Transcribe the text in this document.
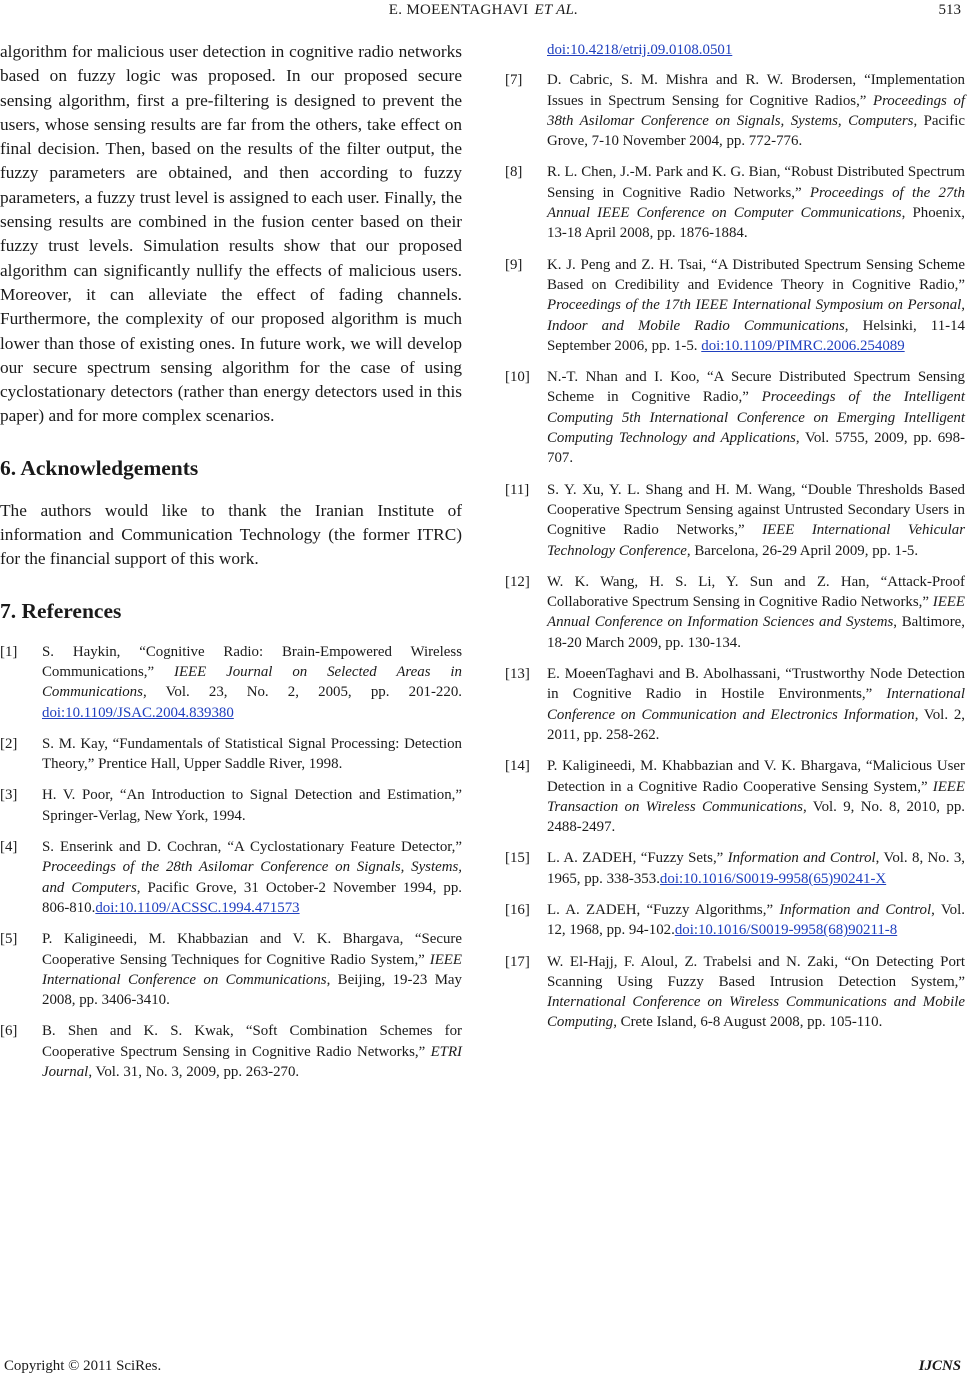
E. MOEENTAGHAVI ET AL.	513

algorithm for malicious user detection in cognitive radio networks based on fuzzy logic was proposed. In our proposed secure sensing algorithm, first a pre-filtering is designed to prevent the users, whose sensing results are far from the others, take effect on final decision. Then, based on the results of the filter output, the fuzzy parameters are obtained, and then according to fuzzy parameters, a fuzzy trust level is assigned to each user. Finally, the sensing results are combined in the fusion center based on their fuzzy trust levels. Simulation results show that our proposed algorithm can significantly nullify the effects of malicious users. Moreover, it can alleviate the effect of fading channels. Furthermore, the complexity of our proposed algorithm is much lower than those of existing ones. In future work, we will develop our secure spectrum sensing algorithm for the case of using cyclostationary detectors (rather than energy detectors used in this paper) and for more complex scenarios.

6. Acknowledgements

The authors would like to thank the Iranian Institute of information and Communication Technology (the former ITRC) for the financial support of this work.

7. References
[1] S. Haykin, “Cognitive Radio: Brain-Empowered Wireless Communications,” IEEE Journal on Selected Areas in Communications, Vol. 23, No. 2, 2005, pp. 201-220.doi:10.1109/JSAC.2004.839380
[2] S. M. Kay, “Fundamentals of Statistical Signal Processing: Detection Theory,” Prentice Hall, Upper Saddle River, 1998.
[3] H. V. Poor, “An Introduction to Signal Detection and Estimation,” Springer-Verlag, New York, 1994.
[4] S. Enserink and D. Cochran, “A Cyclostationary Feature Detector,” Proceedings of the 28th Asilomar Conference on Signals, Systems, and Computers, Pacific Grove, 31 October-2 November 1994, pp. 806-810.doi:10.1109/ACSSC.1994.471573
[5] P. Kaligineedi, M. Khabbazian and V. K. Bhargava, “Secure Cooperative Sensing Techniques for Cognitive Radio System,” IEEE International Conference on Communications, Beijing, 19-23 May 2008, pp. 3406-3410.
[6] B. Shen and K. S. Kwak, “Soft Combination Schemes for Cooperative Spectrum Sensing in Cognitive Radio Networks,” ETRI Journal, Vol. 31, No. 3, 2009, pp. 263-270.
doi:10.4218/etrij.09.0108.0501
[7] D. Cabric, S. M. Mishra and R. W. Brodersen, “Implementation Issues in Spectrum Sensing for Cognitive Radios,” Proceedings of 38th Asilomar Conference on Signals, Systems, Computers, Pacific Grove, 7-10 November 2004, pp. 772-776.
[8] R. L. Chen, J.-M. Park and K. G. Bian, “Robust Distributed Spectrum Sensing in Cognitive Radio Networks,” Proceedings of the 27th Annual IEEE Conference on Computer Communications, Phoenix, 13-18 April 2008, pp. 1876-1884.
[9] K. J. Peng and Z. H. Tsai, “A Distributed Spectrum Sensing Scheme Based on Credibility and Evidence Theory in Cognitive Radio,” Proceedings of the 17th IEEE International Symposium on Personal, Indoor and Mobile Radio Communications, Helsinki, 11-14 September 2006, pp. 1-5. doi:10.1109/PIMRC.2006.254089
[10] N.-T. Nhan and I. Koo, “A Secure Distributed Spectrum Sensing Scheme in Cognitive Radio,” Proceedings of the Intelligent Computing 5th International Conference on Emerging Intelligent Computing Technology and Applications, Vol. 5755, 2009, pp. 698-707.
[11] S. Y. Xu, Y. L. Shang and H. M. Wang, “Double Thresholds Based Cooperative Spectrum Sensing against Untrusted Secondary Users in Cognitive Radio Networks,” IEEE International Vehicular Technology Conference, Barcelona, 26-29 April 2009, pp. 1-5.
[12] W. K. Wang, H. S. Li, Y. Sun and Z. Han, “Attack-Proof Collaborative Spectrum Sensing in Cognitive Radio Networks,” IEEE Annual Conference on Information Sciences and Systems, Baltimore, 18-20 March 2009, pp. 130-134.
[13] E. MoeenTaghavi and B. Abolhassani, “Trustworthy Node Detection in Cognitive Radio in Hostile Environments,” International Conference on Communication and Electronics Information, Vol. 2, 2011, pp. 258-262.
[14] P. Kaligineedi, M. Khabbazian and V. K. Bhargava, “Malicious User Detection in a Cognitive Radio Cooperative Sensing System,” IEEE Transaction on Wireless Communications, Vol. 9, No. 8, 2010, pp. 2488-2497.
[15] L. A. ZADEH, “Fuzzy Sets,” Information and Control, Vol. 8, No. 3, 1965, pp. 338-353.doi:10.1016/S0019-9958(65)90241-X
[16] L. A. ZADEH, “Fuzzy Algorithms,” Information and Control, Vol. 12, 1968, pp. 94-102.doi:10.1016/S0019-9958(68)90211-8
[17] W. El-Hajj, F. Aloul, Z. Trabelsi and N. Zaki, “On Detecting Port Scanning Using Fuzzy Based Intrusion Detection System,” International Conference on Wireless Communications and Mobile Computing, Crete Island, 6-8 August 2008, pp. 105-110.
Copyright © 2011 SciRes.	IJCNS
